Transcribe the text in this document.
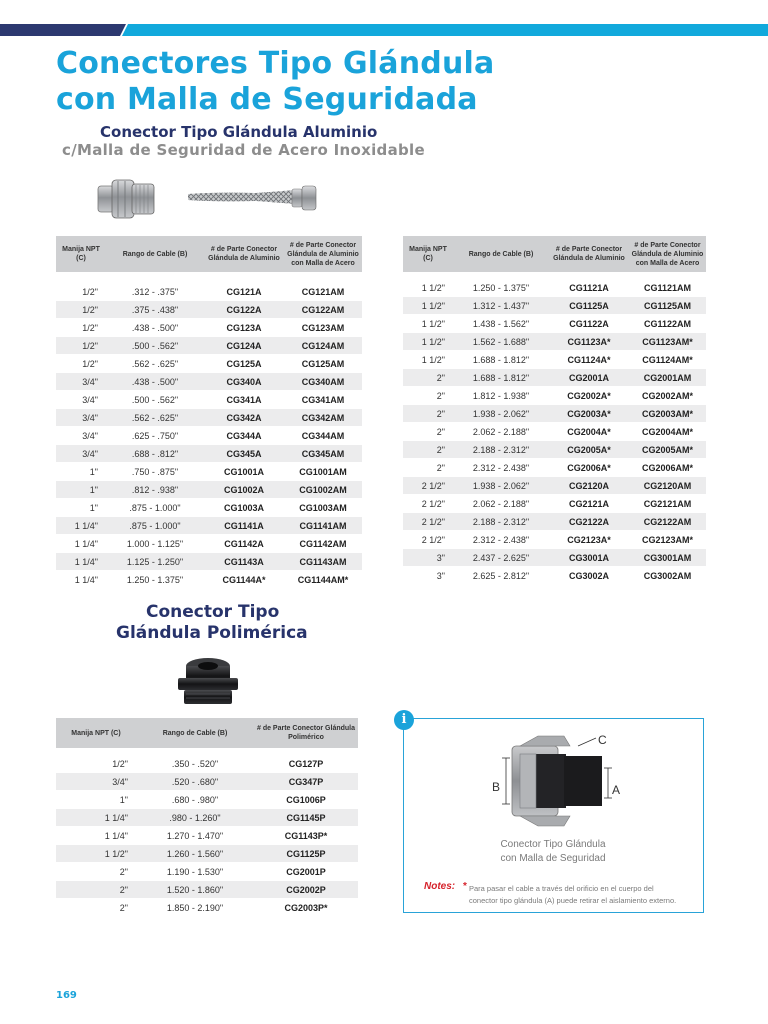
Conectores Tipo Glándula
con Malla de Seguridada
Conector Tipo Glándula Aluminio
c/Malla de Seguridad de Acero Inoxidable
Manija NPT (C)	Rango de Cable (B)	# de Parte Conector Glándula de Aluminio	# de Parte Conector Glándula de Aluminio con Malla de Acero

1/2"	.312 - .375"	CG121A	CG121AM
1/2"	.375 - .438"	CG122A	CG122AM
1/2"	.438 - .500"	CG123A	CG123AM
1/2"	.500 - .562"	CG124A	CG124AM
1/2"	.562 - .625"	CG125A	CG125AM
3/4"	.438 - .500"	CG340A	CG340AM
3/4"	.500 - .562"	CG341A	CG341AM
3/4"	.562 - .625"	CG342A	CG342AM
3/4"	.625 - .750"	CG344A	CG344AM
3/4"	.688 - .812"	CG345A	CG345AM
1"	.750 - .875"	CG1001A	CG1001AM
1"	.812 - .938"	CG1002A	CG1002AM
1"	.875 - 1.000"	CG1003A	CG1003AM
1 1/4"	.875 - 1.000"	CG1141A	CG1141AM
1 1/4"	1.000 - 1.125"	CG1142A	CG1142AM
1 1/4"	1.125 - 1.250"	CG1143A	CG1143AM
1 1/4"	1.250 - 1.375"	CG1144A*	CG1144AM*
Manija NPT (C)	Rango de Cable (B)	# de Parte Conector Glándula de Aluminio	# de Parte Conector Glándula de Aluminio con Malla de Acero

1 1/2"	1.250 - 1.375"	CG1121A	CG1121AM
1 1/2"	1.312 - 1.437"	CG1125A	CG1125AM
1 1/2"	1.438 - 1.562"	CG1122A	CG1122AM
1 1/2"	1.562 - 1.688"	CG1123A*	CG1123AM*
1 1/2"	1.688 - 1.812"	CG1124A*	CG1124AM*
2"	1.688 - 1.812"	CG2001A	CG2001AM
2"	1.812 - 1.938"	CG2002A*	CG2002AM*
2"	1.938 - 2.062"	CG2003A*	CG2003AM*
2"	2.062 - 2.188"	CG2004A*	CG2004AM*
2"	2.188 - 2.312"	CG2005A*	CG2005AM*
2"	2.312 - 2.438"	CG2006A*	CG2006AM*
2 1/2"	1.938 - 2.062"	CG2120A	CG2120AM
2 1/2"	2.062 - 2.188"	CG2121A	CG2121AM
2 1/2"	2.188 - 2.312"	CG2122A	CG2122AM
2 1/2"	2.312 - 2.438"	CG2123A*	CG2123AM*
3"	2.437 - 2.625"	CG3001A	CG3001AM
3"	2.625 - 2.812"	CG3002A	CG3002AM
Conector Tipo
Glándula Polimérica
Manija NPT (C)	Rango de Cable (B)	# de Parte Conector Glándula Polimérico

1/2"	.350 - .520"	CG127P
3/4"	.520 - .680"	CG347P
1"	.680 - .980"	CG1006P
1 1/4"	.980 - 1.260"	CG1145P
1 1/4"	1.270 - 1.470"	CG1143P*
1 1/2"	1.260 - 1.560"	CG1125P
2"	1.190 - 1.530"	CG2001P
2"	1.520 - 1.860"	CG2002P
2"	1.850 - 2.190"	CG2003P*
i
B	A
C
Conector Tipo Glándula
con Malla de Seguridad
Notes: * Para pasar el cable a través del orificio en el cuerpo del conector tipo glándula (A) puede retirar el aislamiento externo.
169
